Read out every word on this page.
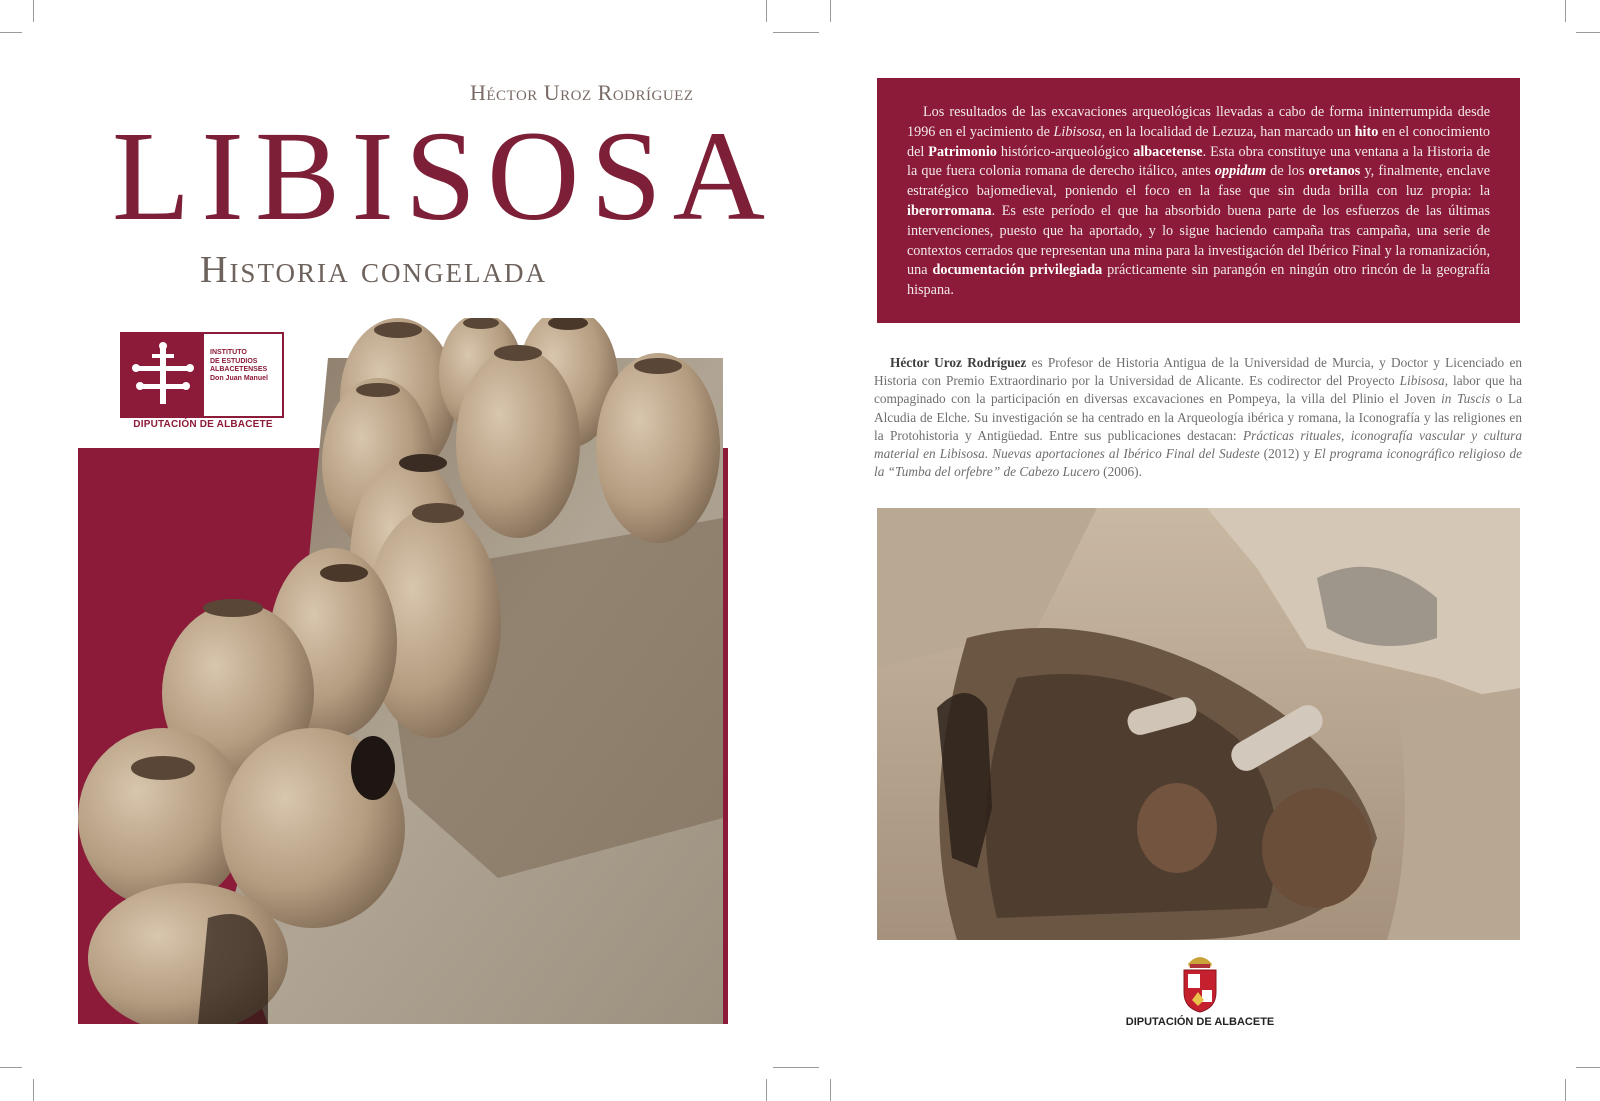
Héctor Uroz Rodríguez
LIBISOSA
Historia congelada
INSTITUTO
DE ESTUDIOS
ALBACETENSES
Don Juan Manuel
DIPUTACIÓN DE ALBACETE
Los resultados de las excavaciones arqueológicas llevadas a cabo de forma ininterrumpida desde 1996 en el yacimiento de Libisosa, en la localidad de Lezuza, han marcado un hito en el conocimiento del Patrimonio histórico-arqueológico albacetense. Esta obra constituye una ventana a la Historia de la que fuera colonia romana de derecho itálico, antes oppidum de los oretanos y, finalmente, enclave estratégico bajomedieval, poniendo el foco en la fase que sin duda brilla con luz propia: la iberorromana. Es este período el que ha absorbido buena parte de los esfuerzos de las últimas intervenciones, puesto que ha aportado, y lo sigue haciendo campaña tras campaña, una serie de contextos cerrados que representan una mina para la investigación del Ibérico Final y la romanización, una documentación privilegiada prácticamente sin parangón en ningún otro rincón de la geografía hispana.
Héctor Uroz Rodríguez es Profesor de Historia Antigua de la Universidad de Murcia, y Doctor y Licenciado en Historia con Premio Extraordinario por la Universidad de Alicante. Es codirector del Proyecto Libisosa, labor que ha compaginado con la participación en diversas excavaciones en Pompeya, la villa del Plinio el Joven in Tuscis o La Alcudia de Elche. Su investigación se ha centrado en la Arqueología ibérica y romana, la Iconografía y las religiones en la Protohistoria y Antigüedad. Entre sus publicaciones destacan: Prácticas rituales, iconografía vascular y cultura material en Libisosa. Nuevas aportaciones al Ibérico Final del Sudeste (2012) y El programa iconográfico religioso de la “Tumba del orfebre” de Cabezo Lucero (2006).
DIPUTACIÓN DE ALBACETE
